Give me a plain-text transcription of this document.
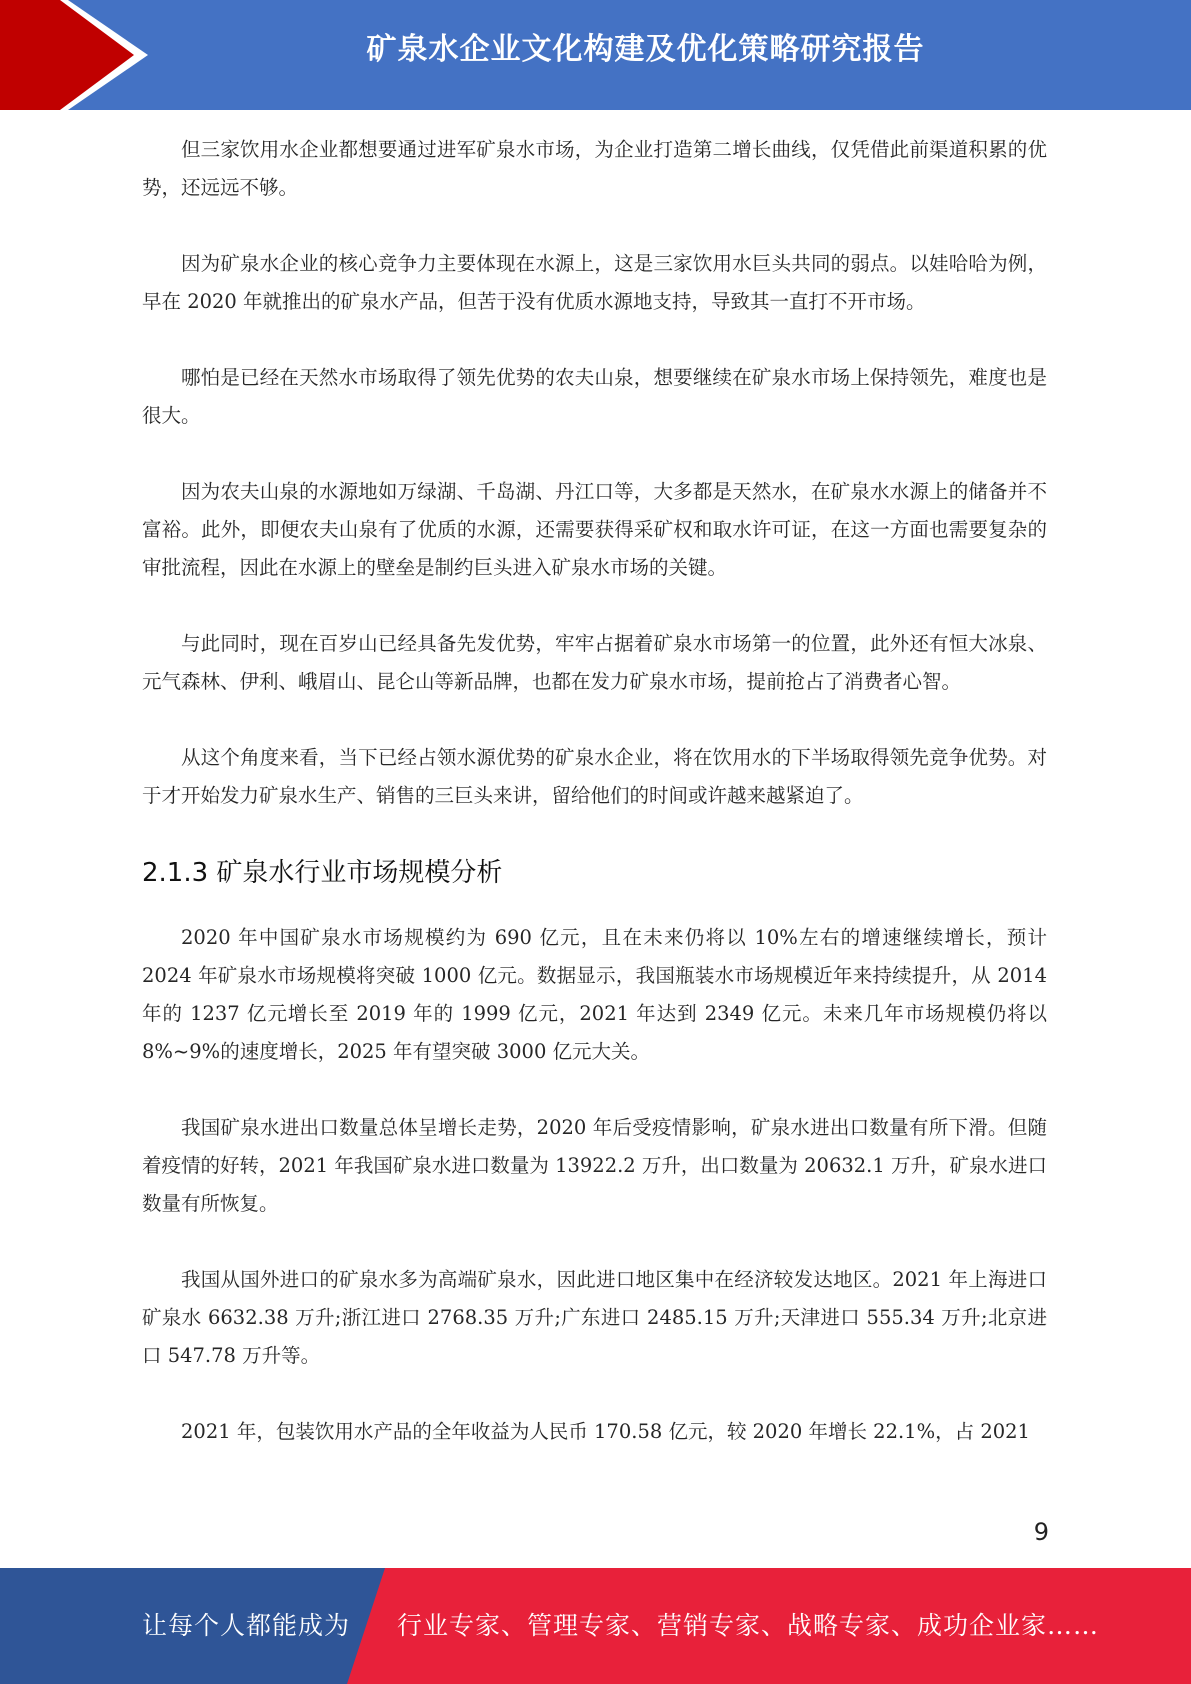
矿泉水企业文化构建及优化策略研究报告

但三家饮用水企业都想要通过进军矿泉水市场，为企业打造第二增长曲线，仅凭借此前渠道积累的优势，还远远不够。

因为矿泉水企业的核心竞争力主要体现在水源上，这是三家饮用水巨头共同的弱点。以娃哈哈为例，早在 2020 年就推出的矿泉水产品，但苦于没有优质水源地支持，导致其一直打不开市场。

哪怕是已经在天然水市场取得了领先优势的农夫山泉，想要继续在矿泉水市场上保持领先，难度也是很大。

因为农夫山泉的水源地如万绿湖、千岛湖、丹江口等，大多都是天然水，在矿泉水水源上的储备并不富裕。此外，即便农夫山泉有了优质的水源，还需要获得采矿权和取水许可证，在这一方面也需要复杂的审批流程，因此在水源上的壁垒是制约巨头进入矿泉水市场的关键。

与此同时，现在百岁山已经具备先发优势，牢牢占据着矿泉水市场第一的位置，此外还有恒大冰泉、元气森林、伊利、峨眉山、昆仑山等新品牌，也都在发力矿泉水市场，提前抢占了消费者心智。

从这个角度来看，当下已经占领水源优势的矿泉水企业，将在饮用水的下半场取得领先竞争优势。对于才开始发力矿泉水生产、销售的三巨头来讲，留给他们的时间或许越来越紧迫了。

2.1.3 矿泉水行业市场规模分析

2020 年中国矿泉水市场规模约为 690 亿元，且在未来仍将以 10%左右的增速继续增长，预计 2024 年矿泉水市场规模将突破 1000 亿元。数据显示，我国瓶装水市场规模近年来持续提升，从 2014 年的 1237 亿元增长至 2019 年的 1999 亿元，2021 年达到 2349 亿元。未来几年市场规模仍将以 8%~9%的速度增长，2025 年有望突破 3000 亿元大关。

我国矿泉水进出口数量总体呈增长走势，2020 年后受疫情影响，矿泉水进出口数量有所下滑。但随着疫情的好转，2021 年我国矿泉水进口数量为 13922.2 万升，出口数量为 20632.1 万升，矿泉水进口数量有所恢复。

我国从国外进口的矿泉水多为高端矿泉水，因此进口地区集中在经济较发达地区。2021 年上海进口矿泉水 6632.38 万升;浙江进口 2768.35 万升;广东进口 2485.15 万升;天津进口 555.34 万升;北京进口 547.78 万升等。

2021 年，包装饮用水产品的全年收益为人民币 170.58 亿元，较 2020 年增长 22.1%，占 2021

9
让每个人都能成为 行业专家、管理专家、营销专家、战略专家、成功企业家……
